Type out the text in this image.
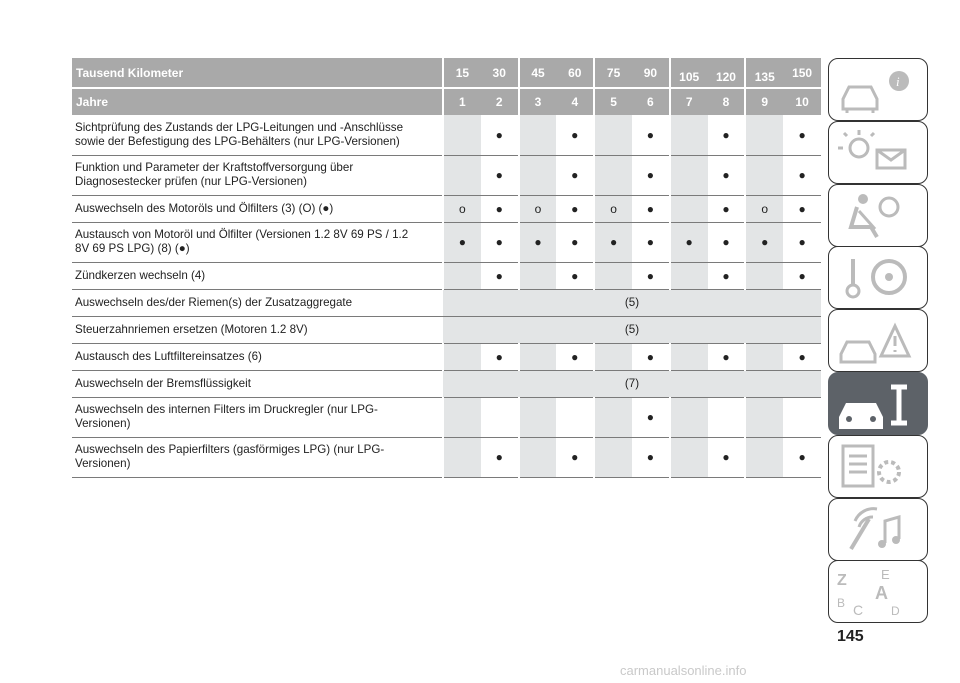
Tausend Kilometer	15	30	45	60	75	90	105	120	135	150
Jahre	1	2	3	4	5	6	7	8	9	10
Sichtprüfung des Zustands der LPG-Leitungen und -Anschlüsse sowie der Befestigung des LPG-Behälters (nur LPG-Versionen)		●		●		●		●		●
Funktion und Parameter der Kraftstoffversorgung über Diagnosestecker prüfen (nur LPG-Versionen)		●		●		●		●		●
Auswechseln des Motoröls und Ölfilters (3) (O) (●)	o	●	o	●	o	●		●	o	●
Austausch von Motoröl und Ölfilter (Versionen 1.2 8V 69 PS / 1.2 8V 69 PS LPG) (8) (●)	●	●	●	●	●	●	●	●	●	●
Zündkerzen wechseln (4)		●		●		●		●		●
Auswechseln des/der Riemen(s) der Zusatzaggregate	(5)									
Steuerzahnriemen ersetzen (Motoren 1.2 8V)	(5)									
Austausch des Luftfiltereinsatzes (6)		●		●		●		●		●
Auswechseln der Bremsflüssigkeit	(7)									
Auswechseln des internen Filters im Druckregler (nur LPG-Versionen)						●				
Auswechseln des Papierfilters (gasförmiges LPG) (nur LPG-Versionen)		●		●		●		●		●
i
Z	E
B A
C D
145
carmanualsonline.info
